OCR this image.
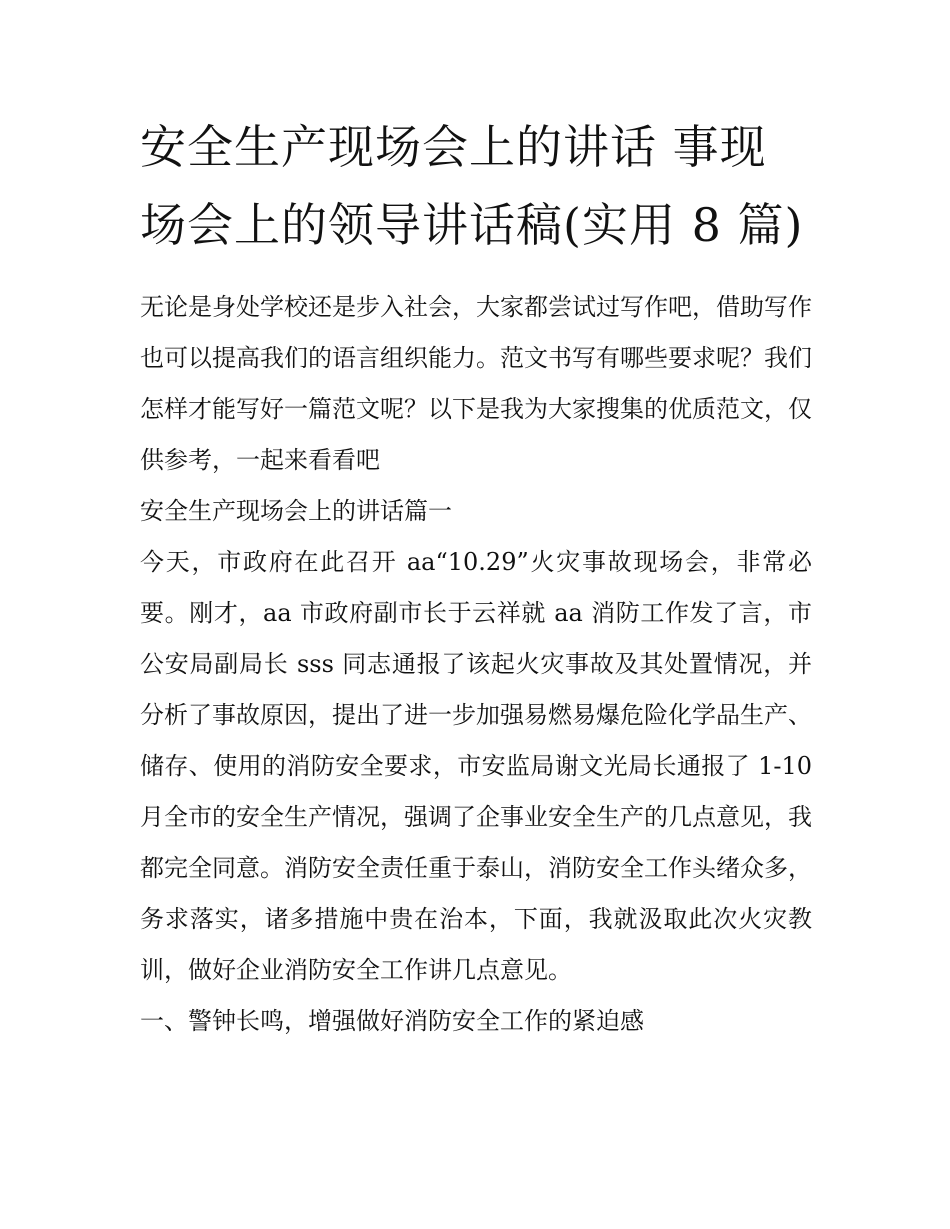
安全生产现场会上的讲话 事现场会上的领导讲话稿(实用 8 篇)

无论是身处学校还是步入社会，大家都尝试过写作吧，借助写作也可以提高我们的语言组织能力。范文书写有哪些要求呢？我们怎样才能写好一篇范文呢？以下是我为大家搜集的优质范文，仅供参考，一起来看看吧

安全生产现场会上的讲话篇一

今天，市政府在此召开 aa“10.29”火灾事故现场会，非常必要。刚才，aa 市政府副市长于云祥就 aa 消防工作发了言，市公安局副局长 sss 同志通报了该起火灾事故及其处置情况，并分析了事故原因，提出了进一步加强易燃易爆危险化学品生产、储存、使用的消防安全要求，市安监局谢文光局长通报了 1-10 月全市的安全生产情况，强调了企事业安全生产的几点意见，我都完全同意。消防安全责任重于泰山，消防安全工作头绪众多，务求落实，诸多措施中贵在治本，下面，我就汲取此次火灾教训，做好企业消防安全工作讲几点意见。

一、警钟长鸣，增强做好消防安全工作的紧迫感
